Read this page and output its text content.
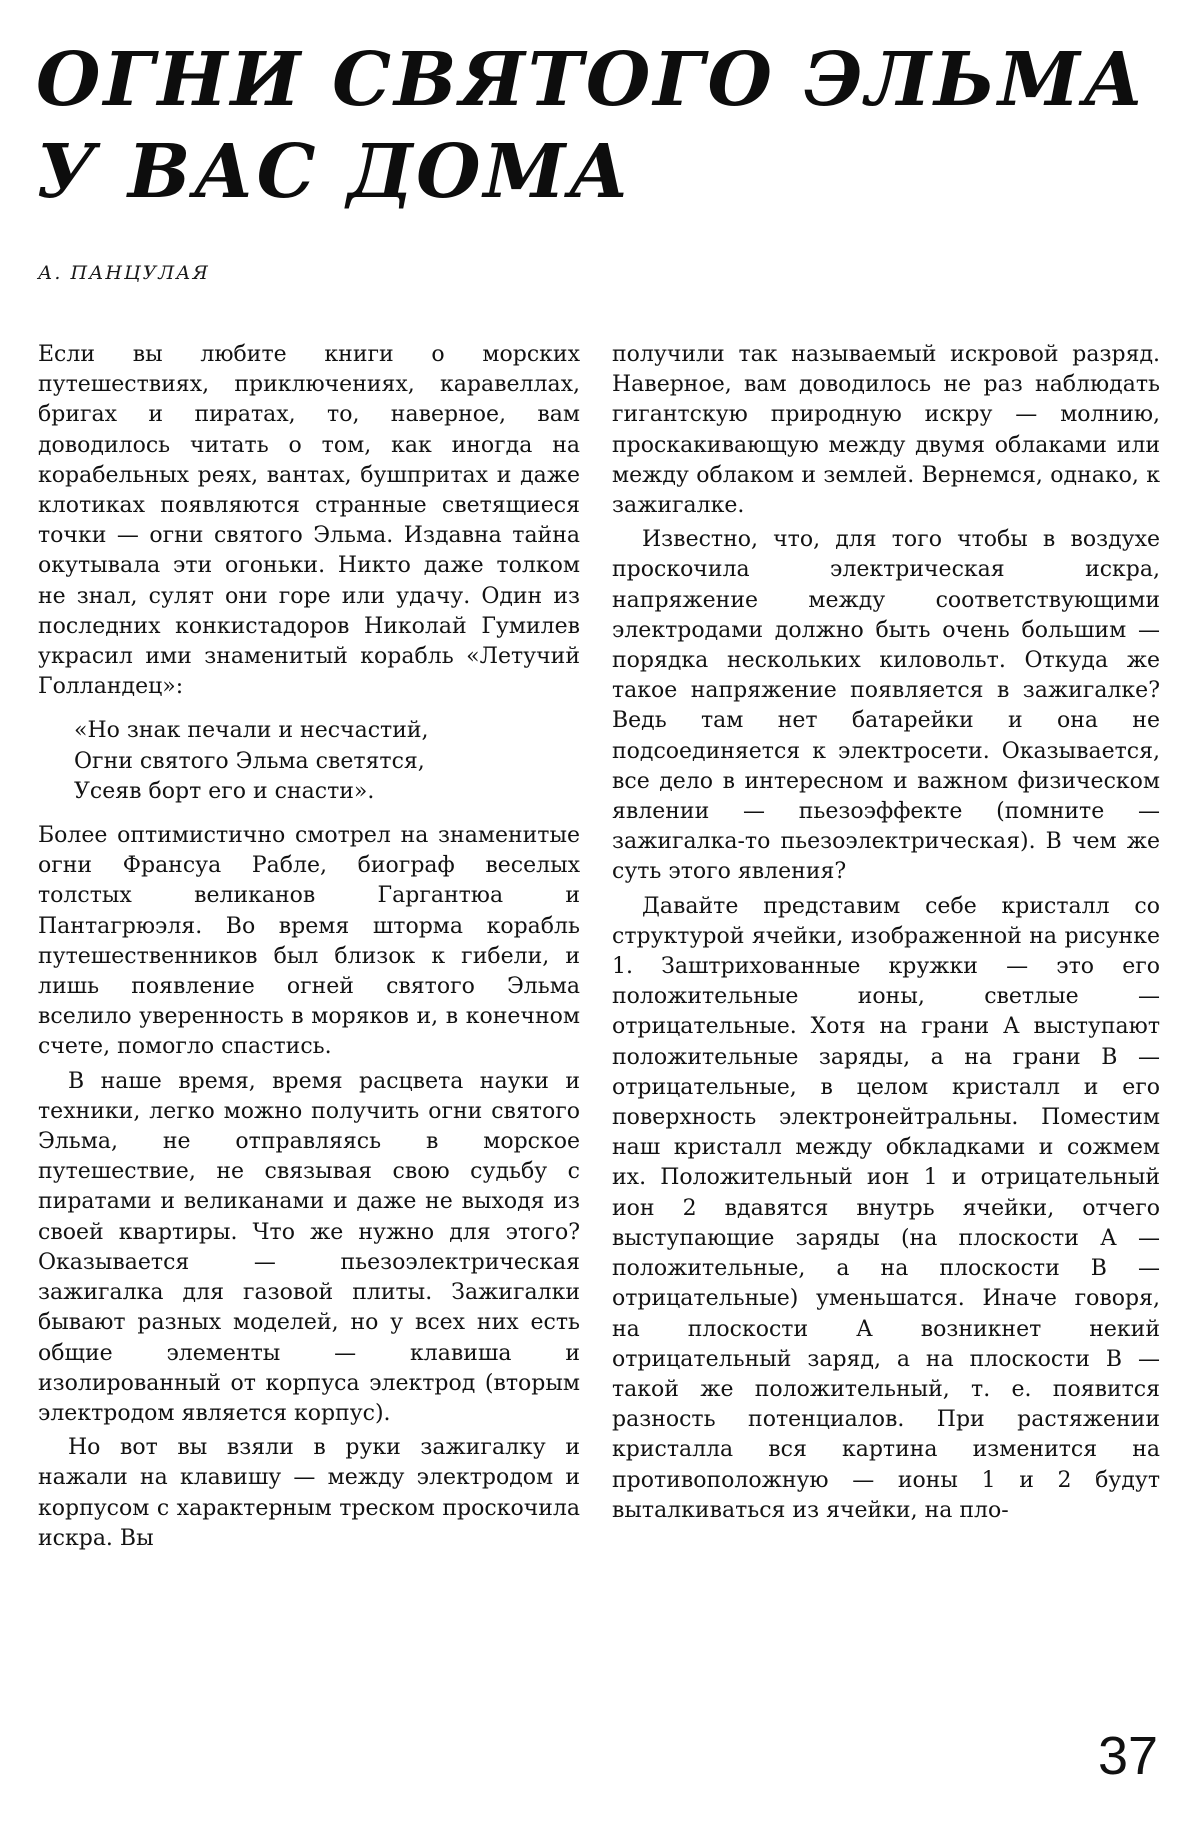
ОГНИ СВЯТОГО ЭЛЬМА
У ВАС ДОМА

А. ПАНЦУЛАЯ

Если вы любите книги о морских путешествиях, приключениях, каравеллах, бригах и пиратах, то, наверное, вам доводилось читать о том, как иногда на корабельных реях, вантах, бушпритах и даже клотиках появляются странные светящиеся точки — огни святого Эльма. Издавна тайна окутывала эти огоньки. Никто даже толком не знал, сулят они горе или удачу. Один из последних конкистадоров Николай Гумилев украсил ими знаменитый корабль «Летучий Голландец»:

«Но знак печали и несчастий,
Огни святого Эльма светятся,
Усеяв борт его и снасти».

Более оптимистично смотрел на знаменитые огни Франсуа Рабле, биограф веселых толстых великанов Гаргантюа и Пантагрюэля. Во время шторма корабль путешественников был близок к гибели, и лишь появление огней святого Эльма вселило уверенность в моряков и, в конечном счете, помогло спастись.

В наше время, время расцвета науки и техники, легко можно получить огни святого Эльма, не отправляясь в морское путешествие, не связывая свою судьбу с пиратами и великанами и даже не выходя из своей квартиры. Что же нужно для этого? Оказывается — пьезоэлектрическая зажигалка для газовой плиты. Зажигалки бывают разных моделей, но у всех них есть общие элементы — клавиша и изолированный от корпуса электрод (вторым электродом является корпус).

Но вот вы взяли в руки зажигалку и нажали на клавишу — между электродом и корпусом с характерным треском проскочила искра. Вы

получили так называемый искровой разряд. Наверное, вам доводилось не раз наблюдать гигантскую природную искру — молнию, проскакивающую между двумя облаками или между облаком и землей. Вернемся, однако, к зажигалке.

Известно, что, для того чтобы в воздухе проскочила электрическая искра, напряжение между соответствующими электродами должно быть очень большим — порядка нескольких киловольт. Откуда же такое напряжение появляется в зажигалке? Ведь там нет батарейки и она не подсоединяется к электросети. Оказывается, все дело в интересном и важном физическом явлении — пьезоэффекте (помните — зажигалка-то пьезоэлектрическая). В чем же суть этого явления?

Давайте представим себе кристалл со структурой ячейки, изображенной на рисунке 1. Заштрихованные кружки — это его положительные ионы, светлые — отрицательные. Хотя на грани А выступают положительные заряды, а на грани В — отрицательные, в целом кристалл и его поверхность электронейтральны. Поместим наш кристалл между обкладками и сожмем их. Положительный ион 1 и отрицательный ион 2 вдавятся внутрь ячейки, отчего выступающие заряды (на плоскости А — положительные, а на плоскости В — отрицательные) уменьшатся. Иначе говоря, на плоскости А возникнет некий отрицательный заряд, а на плоскости В — такой же положительный, т. е. появится разность потенциалов. При растяжении кристалла вся картина изменится на противоположную — ионы 1 и 2 будут выталкиваться из ячейки, на пло-

37
